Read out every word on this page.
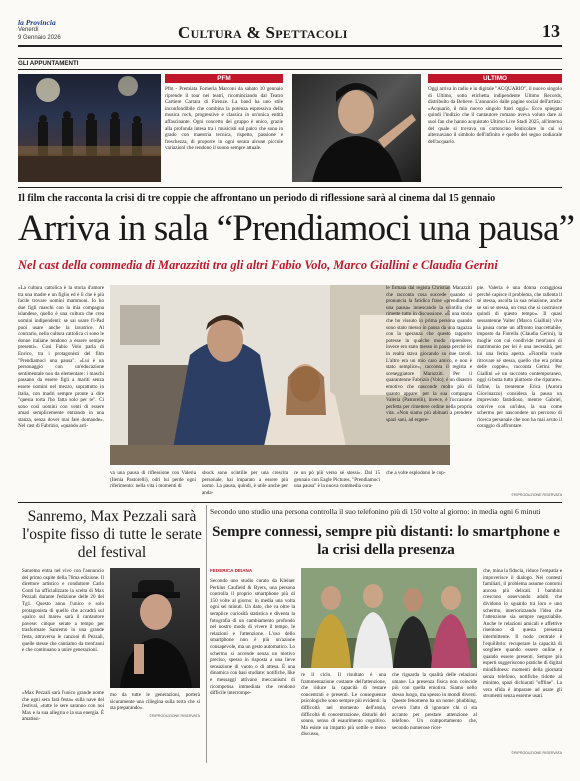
la Provincia
Venerdì
9 Gennaio 2026	Cultura & Spettacoli	13
GLI APPUNTAMENTI
PFM
Pfm - Premiata Forneria Marconi da sabato 10 gennaio riprende il tour nei teatri, ricominciando dal Teatro Cartiere Carrara di Firenze. La band ha uno stile inconfondibile che combina la potenza espressiva della musica rock, progressive e classica in un'unica entità affascinante. Ogni concerto dei gruppo è unico, grazie alla profonda intesa tra i musicisti sul palco che sono in grado con maestria tecnica, rispetto, passione e freschezza, di proporre in ogni serata alcune piccole variazioni che rendono il suono sempre attuale.
ULTIMO
Oggi arriva in radio e in digitale "ACQUARIO", il nuovo singolo di Ultimo, sotto etichetta indipendente Ultimo Records, distribuito da Believe. L'annuncio dalle pagine social dell'artista: «Acquario, il mio nuovo singolo fuori oggi». Ecco spiegato quindi l'indizio che il cantautore romano aveva voluto dare ai suoi fan che hanno acquistato Ultimo Live Stadi 2025, all'interno del quale si trovava un cartoncino lenticolare in cui si alternavano il simbolo dell'infinito e quello del segno zodiacale dell'acquario.
Il film che racconta la crisi di tre coppie che affrontano un periodo di riflessione sarà al cinema dal 15 gennaio
Arriva in sala “Prendiamoci una pausa”
Nel cast della commedia di Marazzitti tra gli altri Fabio Volo, Marco Giallini e Claudia Gerini
«La cultura cattolica è la storia d'amore tra una madre e un figlio ed è lì che è più facile trovare uomini mammoni. Io ho due figli maschi con la mia compagna islandese, quello è una cultura che crea uomini indipendenti: se sai usare l'i-Pad puoi usare anche la lavatrice. Al contrario, nella cultura cattolica ci sono le donne italiane tendono a essere sempre presenti». Così Fabio Volo parla di Enrico, tra i protagonisti del film "Prendiamoci una pausa". «Lui è un personaggio con un'educazione sentimentale non da elementare: i maschi passano da essere figli a mariti senza essere uomini nel mezzo, soprattutto in Italia, con madri sempre pronte a dire "questa torta l'ho fatta solo per te". Ci sono così uomini con venti di essere amati semplicemente entrando in una stanza, senza dover mai fare domande». Nel cast di Fabrizio, «quando arri-
va una pausa di riflessione con Valeria (Ilenia Pastorelli), odri lui perde ogni riferimento: nella vita i momenti di
shock sono scintille per una crescita personale, hai imparato a essere più uomo. La pausa, quindi, è utile anche per anda-
re un pò più verso sé stessi». Dal 15 gennaio con Eagle Pictures, "Prendiamoci una pausa" è la nuova commedia cora-
le firmata dal regista Christian Marazziti che racconta cosa succede quando si pronuncia la fatidica frase «prendiamoci una pausa» innescando la scintilla che rimette tutto in discussione. «È una storia che ho vissuto in prima persona quando sono stato messo in pausa da una ragazza con la speranza che questo rapporto potesse in qualche modo riprendere, invece ero stato messo in pausa perché lei in realtà stava giocando su due tavoli. L'altro era un mio caro amico, e non è stato semplice», racconta il regista e sceneggiatore Marazziti. Per il quarantenne Fabrizio (Volo), è un disastro emotivo che nasconde molto più di quanto appare: per la sua compagna Valeria (Pastorelli), invece, è l'occasione perfetta per rimettere ordine nella propria vita. «Non siamo più abituati a prendere spazi sani, ad ergere-
che a volte esplodono le cop-
pie. Valeria è una donna coraggiosa perché capisce il problema, che rallenta il sé stessa, ascolta la sua relazione, anche se sui se stessa, un cosa che si costruisce quindi di questo tempo». Il quasi sessantenne Valter (Marco Giallini) vive la pausa come un affronto inaccettabile, imposto da Fiorella (Claudia Gerini), la moglie con cui condivide trent'anni di matrimonio per lei è una necessità, per lui una ferita aperta. «Fiorella vuole ritrovare sé stessa, quello che era prima delle coppie», racconta Gerini. Per Giallini «è un racconto contemporaneo, oggi si butta tutto piuttosto che riparare». Infine, la trentenne Erica (Aurora Giovinazzo) considera la pausa un imprevisto fastidioso, mentre Gabriel, convive con un'idea, la sua come schermo per nascondere un percorso di ricerca personale che non ha mai avuto il coraggio di affrontare.
©RIPRODUZIONE RISERVATA
Sanremo, Max Pezzali sarà l'ospite fisso di tutte le serate del festival
Sanremo entra nel vivo con l'annuncio del primo ospite della 76ma edizione. Il direttore artistico e conduttore Carlo Conti ha ufficializzato la scelta di Max Pezzali durante l'edizione delle 20 del Tg1. Questo anno l'unico e solo protagonista di quello che accadrà sul «palco sul mare» sarà il cantautore pavese: cinque serate a tempo per trasformare Sanremo in una grande festa, attraverso le canzoni di Pezzali, quelle stesse che cantiamo da trent'anni e che continuano a unire generazioni.
«Max Pezzali sarà l'unico grande nome che ogni sera farà festa» sulla nave del festival, «tutte le sere saranno con noi Max e la sua allegria e la sua energia. È amatissi-
mo da tutte le generazioni, porterà sicuramente una ciliegina sulla torta che si sta preparando».
©RIPRODUZIONE RISERVATA
Secondo uno studio una persona controlla il suo telefonino più di 150 volte al giorno: in media ogni 6 minuti
Sempre connessi, sempre più distanti: lo smartphone e la crisi della presenza
FEDERICA DEIANA
Secondo uno studio curato da Kleiner Perkins Caufield & Byers, una persona controlla il proprio smartphone più di 150 volte al giorno: in media una volta ogni sei minuti. Un dato, che va oltre la semplice curiosità statistica e diventa la fotografia di un cambiamento profondo nel nostro modo di vivere il tempo, le relazioni e l'attenzione. L'uso dello smartphone non è più un'azione consapevole, ma un gesto automatico. Lo schermo si accende senza un motivo preciso, spesso in risposta a una lieve sensazione di vuoto o di attesa. È una dinamica con basi studiate: notifiche, like e messaggi attivano meccanismi di ricompensa immediata che rendono difficile interrompe-
re il ciclo. Il risultato è una frammentazione costante dell'attenzione, che riduce la capacità di restare concentrati e presenti. Le conseguenze psicologiche sono sempre più evidenti: la difficoltà nel momento dell'ansia, difficoltà di concentrazione, disturbi del sonno, senso di esaurimento cognitivo. Ma esiste un impatto più sottile e meno discusso,
che riguarda la qualità delle relazioni umane. La presenza fisica non coincide più con quella emotiva. Siamo nello stesso luogo, ma spesso in mondi diversi. Questo fenomeno ha un nome: phubbing, ovvero l'atto di ignorare chi ci sta accanto per prestare attenzione al telefono. Un comportamento che, secondo numerose ricer-
che, mina la fiducia, riduce l'empatia e impoverisce il dialogo. Nei contesti familiari, il problema assume contorni ancora più delicati. I bambini crescono osservando adulti che dividono lo sguardo tra loro e uno schermo, interiorizzando l'idea che l'attenzione sia sempre negoziabile. Anche le relazioni amicali e affettive risentono di questa presenza intermittente. Il nodo centrale è l'equilibrio: recuperare la capacità di scegliere quando essere online e quando essere presenti. Sempre più esperti suggeriscono pratiche di digital mindfulness: momenti della giornata senza telefono, notifiche ridotte al minimo, spazi dichiarati "offline". La vera sfida è imparare ad usare gli strumenti senza esserne usati.
©RIPRODUZIONE RISERVATA
